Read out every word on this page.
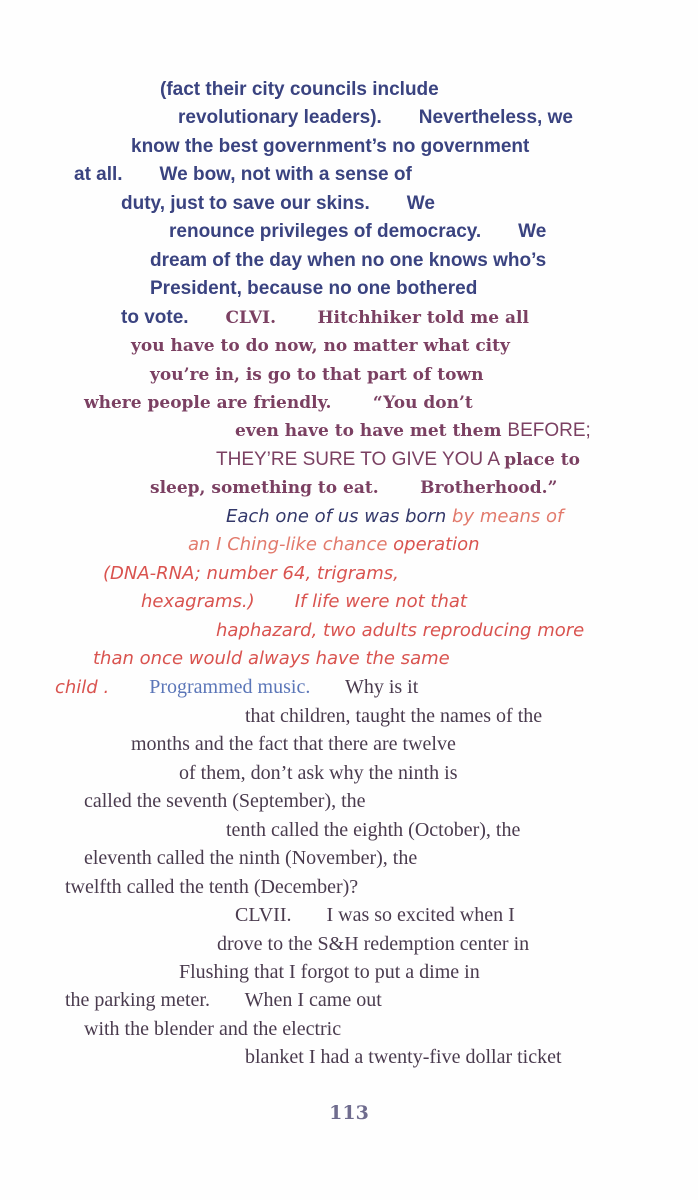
(fact their city councils include
revolutionary leaders).       Nevertheless, we
know the best government’s no government
at all.       We bow, not with a sense of
duty, just to save our skins.       We
renounce privileges of democracy.       We
dream of the day when no one knows who’s
President, because no one bothered
to vote.       CLVI.       Hitchhiker told me all
you have to do now, no matter what city
you’re in, is go to that part of town
where people are friendly.       “You don’t
even have to have met them BEFORE;
THEY’RE SURE TO GIVE YOU A place to
sleep, something to eat.       Brotherhood.”
Each one of us was born by means of
an I Ching-like chance operation
(DNA-RNA; number 64, trigrams,
hexagrams.)       If life were not that
haphazard, two adults reproducing more
than once would always have the same
child .       Programmed music.       Why is it
that children, taught the names of the
months and the fact that there are twelve
of them, don’t ask why the ninth is
called the seventh (September), the
tenth called the eighth (October), the
eleventh called the ninth (November), the
twelfth called the tenth (December)?
CLVII.       I was so excited when I
drove to the S&H redemption center in
Flushing that I forgot to put a dime in
the parking meter.       When I came out
with the blender and the electric
blanket I had a twenty-five dollar ticket
113
